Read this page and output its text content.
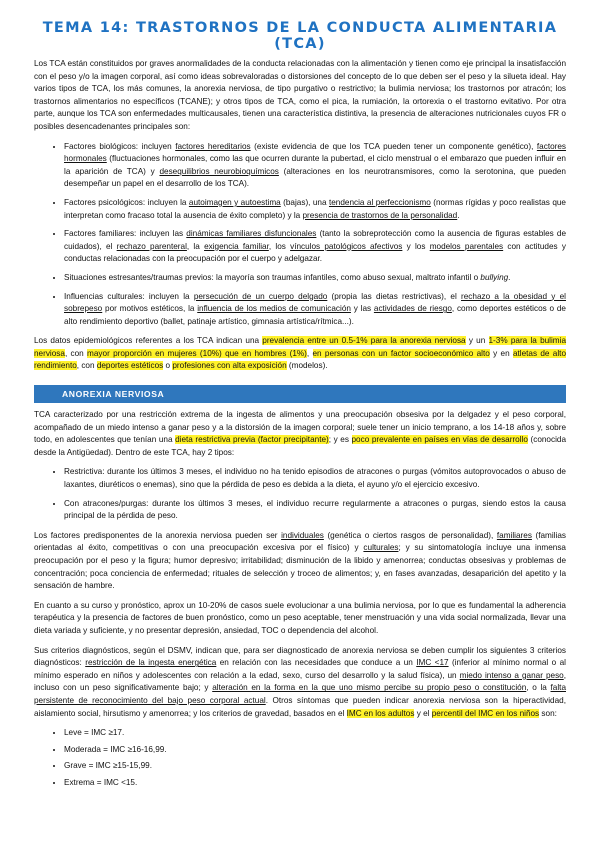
TEMA 14: TRASTORNOS DE LA CONDUCTA ALIMENTARIA (TCA)

Los TCA están constituidos por graves anormalidades de la conducta relacionadas con la alimentación y tienen como eje principal la insatisfacción con el peso y/o la imagen corporal, así como ideas sobrevaloradas o distorsiones del concepto de lo que deben ser el peso y la silueta ideal. Hay varios tipos de TCA, los más comunes, la anorexia nerviosa, de tipo purgativo o restrictivo; la bulimia nerviosa; los trastornos por atracón; los trastornos alimentarios no específicos (TCANE); y otros tipos de TCA, como el pica, la rumiación, la ortorexia o el trastorno evitativo. Por otra parte, aunque los TCA son enfermedades multicausales, tienen una característica distintiva, la presencia de alteraciones nutricionales cuyos FR o posibles desencadenantes principales son:

• Factores biológicos: incluyen factores hereditarios (existe evidencia de que los TCA pueden tener un componente genético), factores hormonales (fluctuaciones hormonales, como las que ocurren durante la pubertad, el ciclo menstrual o el embarazo que pueden influir en la aparición de TCA) y desequilibrios neurobioquímicos (alteraciones en los neurotransmisores, como la serotonina, que pueden desempeñar un papel en el desarrollo de los TCA).
• Factores psicológicos: incluyen la autoimagen y autoestima (bajas), una tendencia al perfeccionismo (normas rígidas y poco realistas que interpretan como fracaso total la ausencia de éxito completo) y la presencia de trastornos de la personalidad.
• Factores familiares: incluyen las dinámicas familiares disfuncionales (tanto la sobreprotección como la ausencia de figuras estables de cuidados), el rechazo parenteral, la exigencia familiar, los vínculos patológicos afectivos y los modelos parentales con actitudes y conductas relacionadas con la preocupación por el cuerpo y adelgazar.
• Situaciones estresantes/traumas previos: la mayoría son traumas infantiles, como abuso sexual, maltrato infantil o bullying.
• Influencias culturales: incluyen la persecución de un cuerpo delgado (propia las dietas restrictivas), el rechazo a la obesidad y el sobrepeso por motivos estéticos, la influencia de los medios de comunicación y las actividades de riesgo, como deportes estéticos o de alto rendimiento deportivo (ballet, patinaje artístico, gimnasia artística/rítmica...).

Los datos epidemiológicos referentes a los TCA indican una prevalencia entre un 0.5-1% para la anorexia nerviosa y un 1-3% para la bulimia nerviosa, con mayor proporción en mujeres (10%) que en hombres (1%), en personas con un factor socioeconómico alto y en atletas de alto rendimiento, con deportes estéticos o profesiones con alta exposición (modelos).

ANOREXIA NERVIOSA

TCA caracterizado por una restricción extrema de la ingesta de alimentos y una preocupación obsesiva por la delgadez y el peso corporal, acompañado de un miedo intenso a ganar peso y a la distorsión de la imagen corporal; suele tener un inicio temprano, a los 14-18 años y, sobre todo, en adolescentes que tenían una dieta restrictiva previa (factor precipitante); y es poco prevalente en países en vías de desarrollo (conocida desde la Antigüedad). Dentro de este TCA, hay 2 tipos:

• Restrictiva: durante los últimos 3 meses, el individuo no ha tenido episodios de atracones o purgas (vómitos autoprovocados o abuso de laxantes, diuréticos o enemas), sino que la pérdida de peso es debida a la dieta, el ayuno y/o el ejercicio excesivo.
• Con atracones/purgas: durante los últimos 3 meses, el individuo recurre regularmente a atracones o purgas, siendo estos la causa principal de la pérdida de peso.

Los factores predisponentes de la anorexia nerviosa pueden ser individuales (genética o ciertos rasgos de personalidad), familiares (familias orientadas al éxito, competitivas o con una preocupación excesiva por el físico) y culturales; y su sintomatología incluye una inmensa preocupación por el peso y la figura; humor depresivo; irritabilidad; disminución de la libido y amenorrea; conductas obsesivas y problemas de concentración; poca conciencia de enfermedad; rituales de selección y troceo de alimentos; y, en fases avanzadas, desaparición del apetito y la sensación de hambre.

En cuanto a su curso y pronóstico, aprox un 10-20% de casos suele evolucionar a una bulimia nerviosa, por lo que es fundamental la adherencia terapéutica y la presencia de factores de buen pronóstico, como un peso aceptable, tener menstruación y una vida social normalizada, llevar una dieta variada y suficiente, y no presentar depresión, ansiedad, TOC o dependencia del alcohol.

Sus criterios diagnósticos, según el DSMV, indican que, para ser diagnosticado de anorexia nerviosa se deben cumplir los siguientes 3 criterios diagnósticos: restricción de la ingesta energética en relación con las necesidades que conduce a un IMC <17 (inferior al mínimo normal o al mínimo esperado en niños y adolescentes con relación a la edad, sexo, curso del desarrollo y la salud física), un miedo intenso a ganar peso, incluso con un peso significativamente bajo; y alteración en la forma en la que uno mismo percibe su propio peso o constitución, o la falta persistente de reconocimiento del bajo peso corporal actual. Otros síntomas que pueden indicar anorexia nerviosa son la hiperactividad, aislamiento social, hirsutismo y amenorrea; y los criterios de gravedad, basados en el IMC en los adultos y el percentil del IMC en los niños son:

• Leve = IMC ≥17.
• Moderada = IMC ≥16-16,99.
• Grave = IMC ≥15-15,99.
• Extrema = IMC <15.
